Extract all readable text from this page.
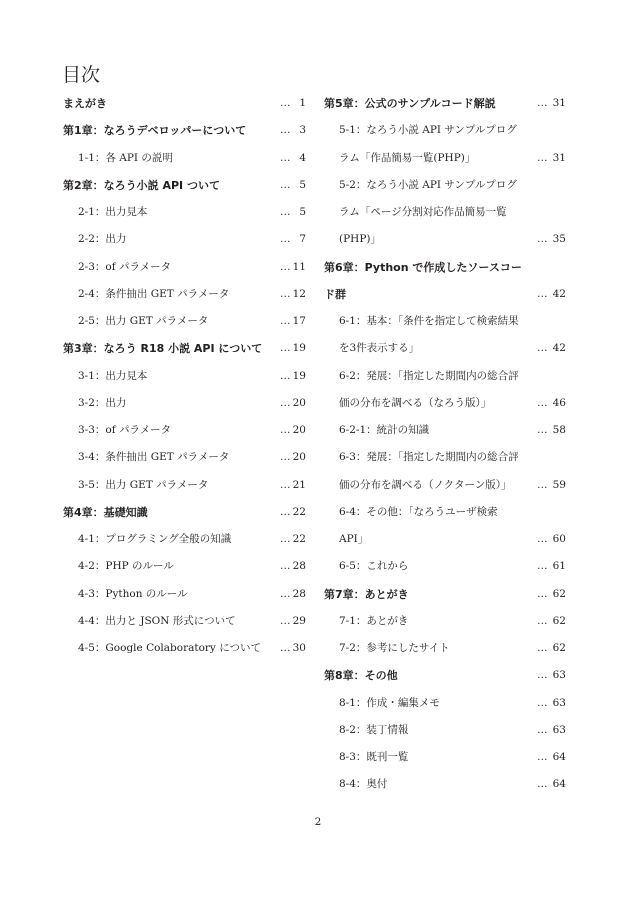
目次
まえがき	… 1
第1章：なろうデベロッパーについて	… 3
1-1：各 API の説明	… 4
第2章：なろう小説 API ついて	… 5
2-1：出力見本	… 5
2-2：出力	… 7
2-3：of パラメータ	… 11
2-4：条件抽出 GET パラメータ	… 12
2-5：出力 GET パラメータ	… 17
第3章：なろう R18 小説 API について … 19
3-1：出力見本	… 19
3-2：出力	… 20
3-3：of パラメータ	… 20
3-4：条件抽出 GET パラメータ	… 20
3-5：出力 GET パラメータ	… 21
第4章：基礎知識	… 22
4-1：プログラミング全般の知識	… 22
4-2：PHP のルール	… 28
4-3：Python のルール	… 28
4-4：出力と JSON 形式について	… 29
4-5：Google Colaboratory について … 30
第5章：公式のサンプルコード解説	… 31
5-1：なろう小説 API サンプルプログ
ラム「作品簡易一覧(PHP)」	… 31
5-2：なろう小説 API サンプルプログ
ラム「ページ分割対応作品簡易一覧
(PHP)」	… 35
第6章：Python で作成したソースコー
ド群	… 42
6-1：基本：「条件を指定して検索結果
を3件表示する」	… 42
6-2：発展：「指定した期間内の総合評
価の分布を調べる（なろう版）」	… 46
6-2-1：統計の知識	… 58
6-3：発展：「指定した期間内の総合評
価の分布を調べる（ノクターン版）」 … 59
6-4：その他：「なろうユーザ検索
API」	… 60
6-5：これから	… 61
第7章：あとがき	… 62
7-1：あとがき	… 62
7-2：参考にしたサイト	… 62
第8章：その他	… 63
8-1：作成・編集メモ	… 63
8-2：装丁情報	… 63
8-3：既刊一覧	… 64
8-4：奥付	… 64
2
